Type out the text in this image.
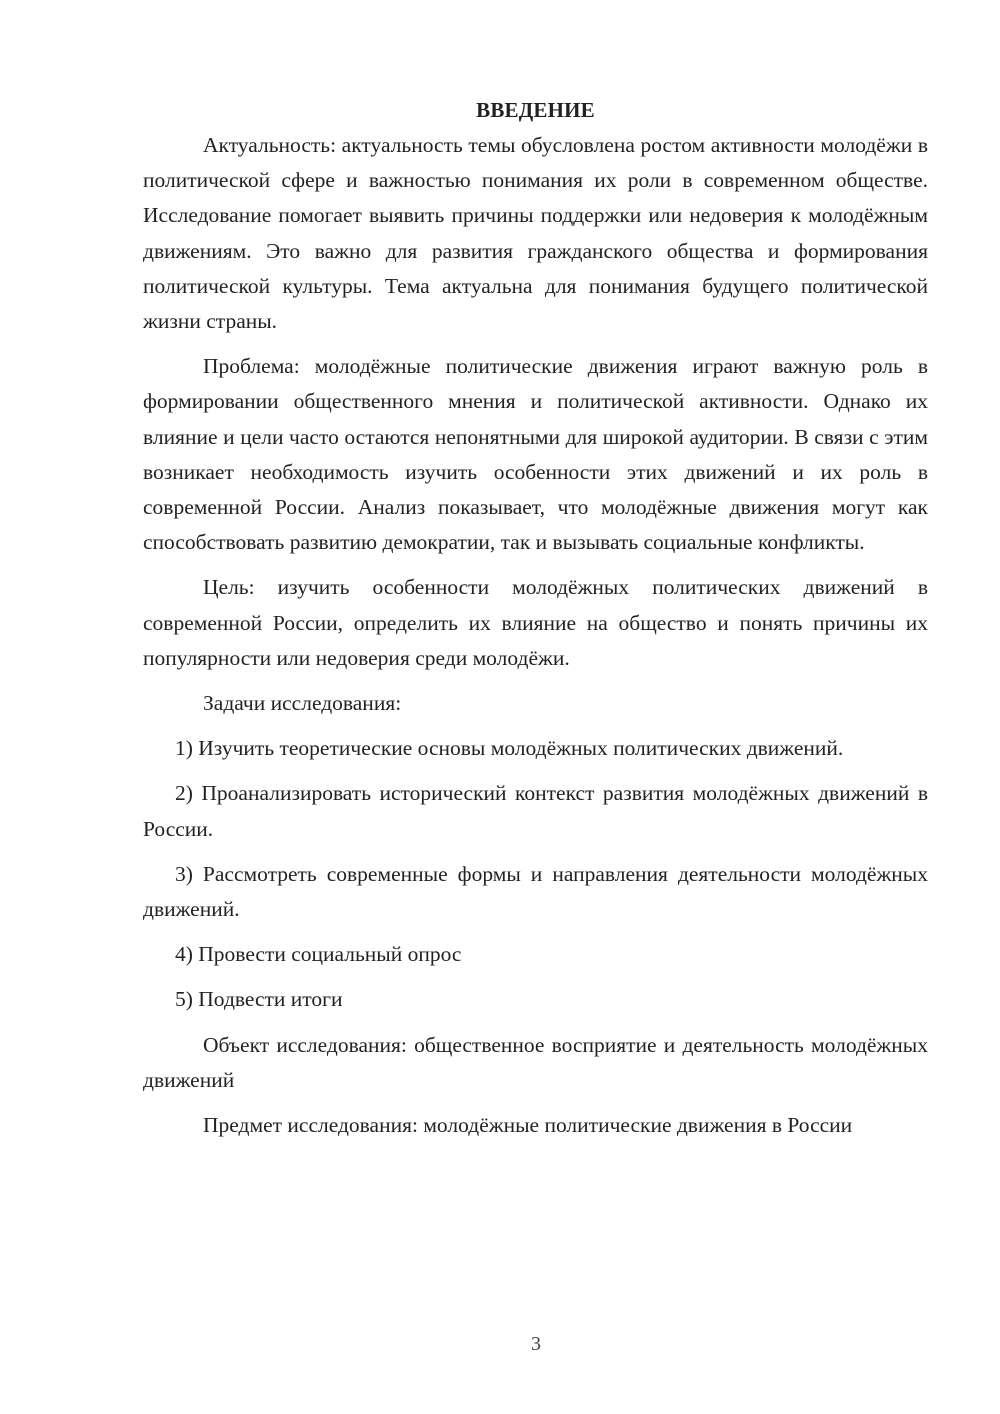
ВВЕДЕНИЕ

Актуальность: актуальность темы обусловлена ростом активности молодёжи в политической сфере и важностью понимания их роли в современном обществе. Исследование помогает выявить причины поддержки или недоверия к молодёжным движениям. Это важно для развития гражданского общества и формирования политической культуры. Тема актуальна для понимания будущего политической жизни страны.

Проблема: молодёжные политические движения играют важную роль в формировании общественного мнения и политической активности. Однако их влияние и цели часто остаются непонятными для широкой аудитории. В связи с этим возникает необходимость изучить особенности этих движений и их роль в современной России. Анализ показывает, что молодёжные движения могут как способствовать развитию демократии, так и вызывать социальные конфликты.

Цель: изучить особенности молодёжных политических движений в современной России, определить их влияние на общество и понять причины их популярности или недоверия среди молодёжи.

Задачи исследования:

1) Изучить теоретические основы молодёжных политических движений.

2) Проанализировать исторический контекст развития молодёжных движений в России.

3) Рассмотреть современные формы и направления деятельности молодёжных движений.

4) Провести социальный опрос

5) Подвести итоги

Объект исследования: общественное восприятие и деятельность молодёжных движений

Предмет исследования: молодёжные политические движения в России

3
